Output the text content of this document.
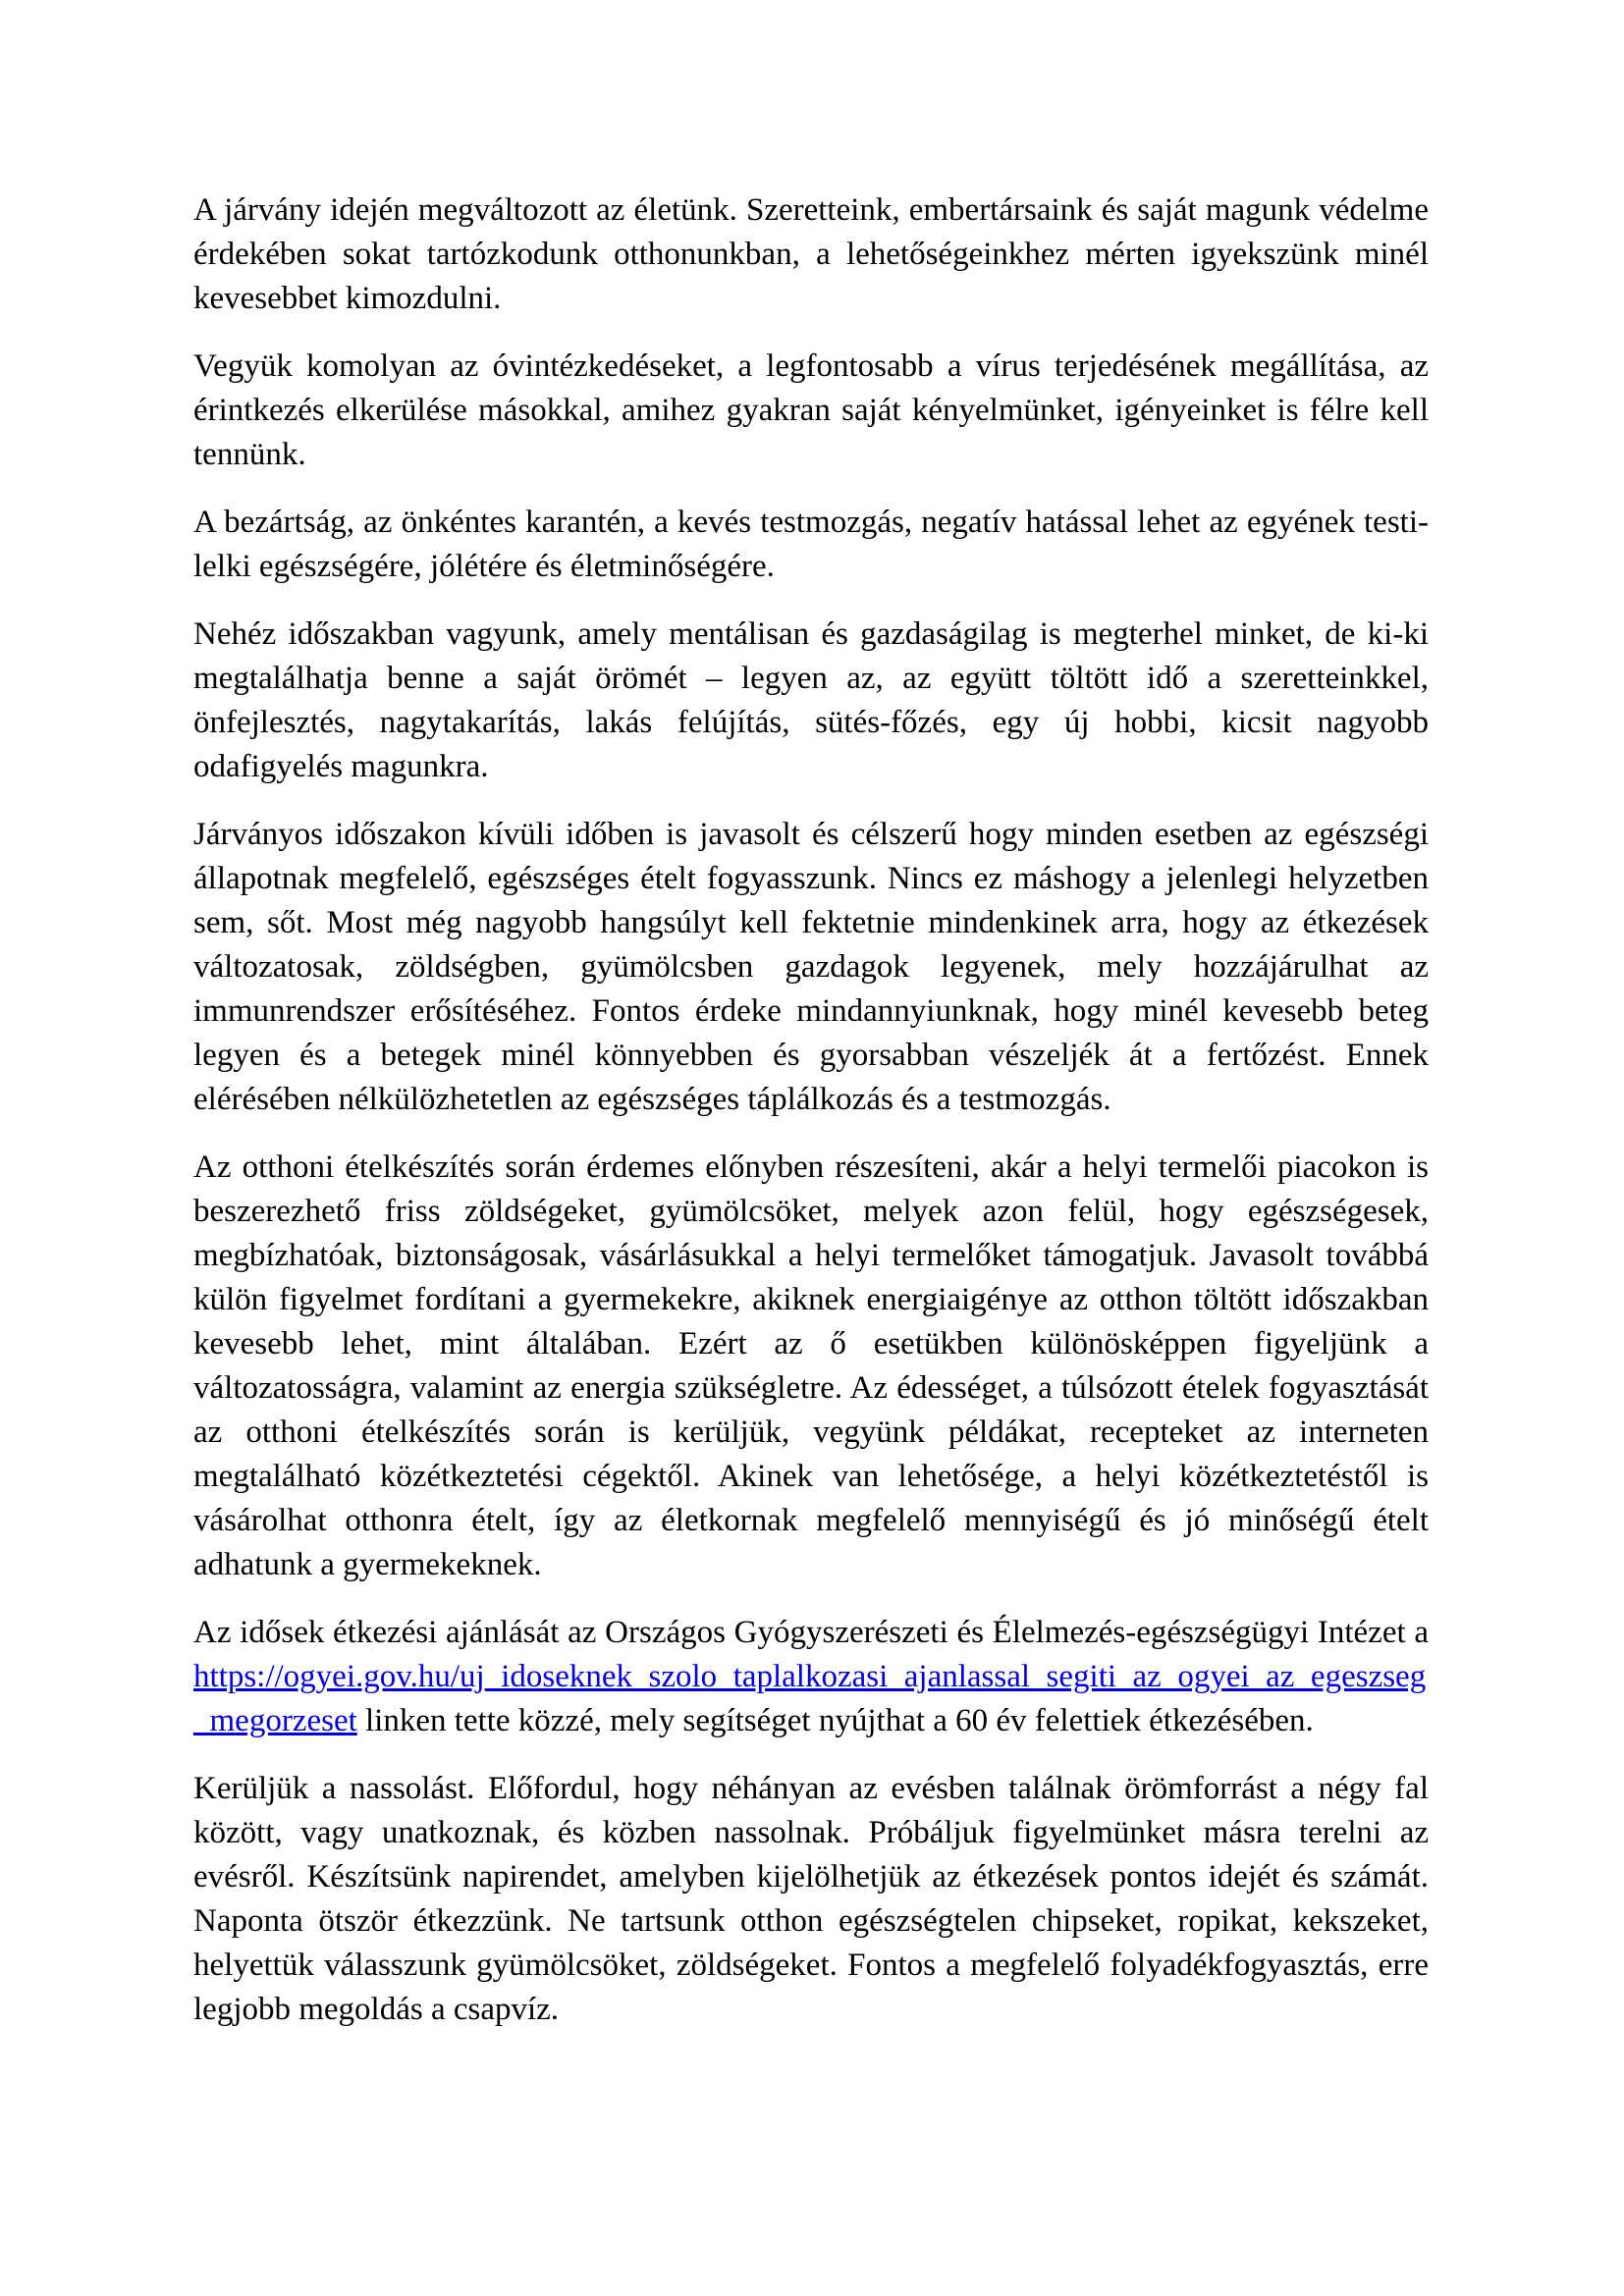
A járvány idején megváltozott az életünk. Szeretteink, embertársaink és saját magunk védelme érdekében sokat tartózkodunk otthonunkban, a lehetőségeinkhez mérten igyekszünk minél kevesebbet kimozdulni.

Vegyük komolyan az óvintézkedéseket, a legfontosabb a vírus terjedésének megállítása, az érintkezés elkerülése másokkal, amihez gyakran saját kényelmünket, igényeinket is félre kell tennünk.

A bezártság, az önkéntes karantén, a kevés testmozgás, negatív hatással lehet az egyének testi-lelki egészségére, jólétére és életminőségére.

Nehéz időszakban vagyunk, amely mentálisan és gazdaságilag is megterhel minket, de ki-ki megtalálhatja benne a saját örömét – legyen az, az együtt töltött idő a szeretteinkkel, önfejlesztés, nagytakarítás, lakás felújítás, sütés-főzés, egy új hobbi, kicsit nagyobb odafigyelés magunkra.

Járványos időszakon kívüli időben is javasolt és célszerű hogy minden esetben az egészségi állapotnak megfelelő, egészséges ételt fogyasszunk. Nincs ez máshogy a jelenlegi helyzetben sem, sőt. Most még nagyobb hangsúlyt kell fektetnie mindenkinek arra, hogy az étkezések változatosak, zöldségben, gyümölcsben gazdagok legyenek, mely hozzájárulhat az immunrendszer erősítéséhez. Fontos érdeke mindannyiunknak, hogy minél kevesebb beteg legyen és a betegek minél könnyebben és gyorsabban vészeljék át a fertőzést. Ennek elérésében nélkülözhetetlen az egészséges táplálkozás és a testmozgás.

Az otthoni ételkészítés során érdemes előnyben részesíteni, akár a helyi termelői piacokon is beszerezhető friss zöldségeket, gyümölcsöket, melyek azon felül, hogy egészségesek, megbízhatóak, biztonságosak, vásárlásukkal a helyi termelőket támogatjuk. Javasolt továbbá külön figyelmet fordítani a gyermekekre, akiknek energiaigénye az otthon töltött időszakban kevesebb lehet, mint általában. Ezért az ő esetükben különösképpen figyeljünk a változatosságra, valamint az energia szükségletre. Az édességet, a túlsózott ételek fogyasztását az otthoni ételkészítés során is kerüljük, vegyünk példákat, recepteket az interneten megtalálható közétkeztetési cégektől. Akinek van lehetősége, a helyi közétkeztetéstől is vásárolhat otthonra ételt, így az életkornak megfelelő mennyiségű és jó minőségű ételt adhatunk a gyermekeknek.

Az idősek étkezési ajánlását az Országos Gyógyszerészeti és Élelmezés-egészségügyi Intézet a https://ogyei.gov.hu/uj_idoseknek_szolo_taplalkozasi_ajanlassal_segiti_az_ogyei_az_egeszseg_megorzeset linken tette közzé, mely segítséget nyújthat a 60 év felettiek étkezésében.

Kerüljük a nassolást. Előfordul, hogy néhányan az evésben találnak örömforrást a négy fal között, vagy unatkoznak, és közben nassolnak. Próbáljuk figyelmünket másra terelni az evésről. Készítsünk napirendet, amelyben kijelölhetjük az étkezések pontos idejét és számát. Naponta ötször étkezzünk. Ne tartsunk otthon egészségtelen chipseket, ropikat, kekszeket, helyettük válasszunk gyümölcsöket, zöldségeket. Fontos a megfelelő folyadékfogyasztás, erre legjobb megoldás a csapvíz.
